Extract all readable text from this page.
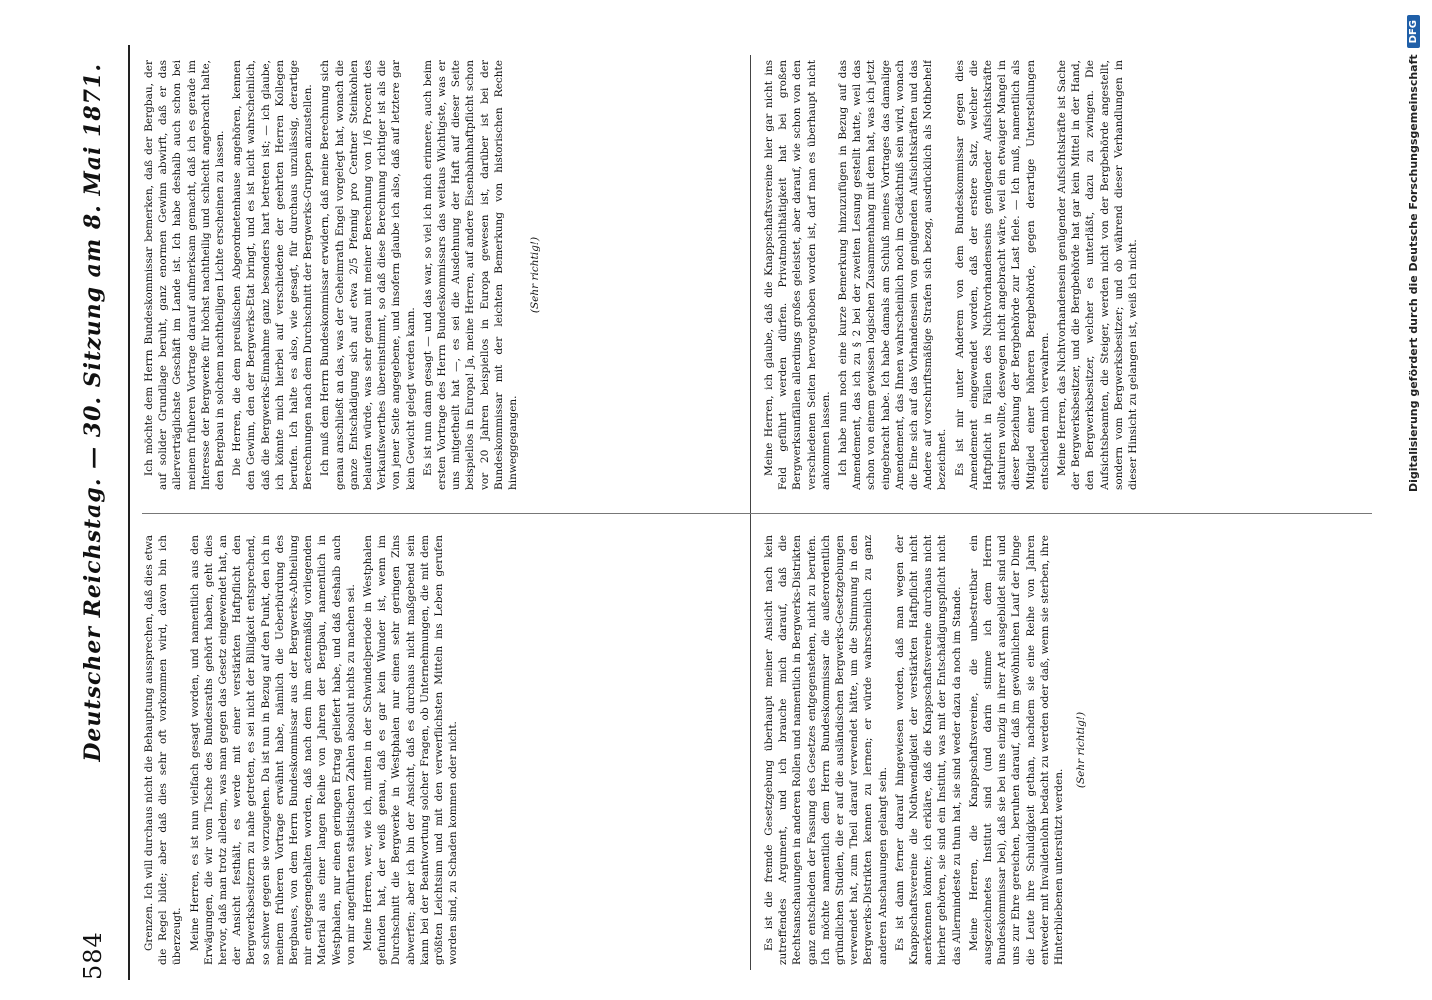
584
Deutscher Reichstag. — 30. Sitzung am 8. Mai 1871.	Grenzen. Ich will durchaus nicht die Behauptung aussprechen, daß dies etwa die Regel bilde; aber daß dies sehr oft vorkommen wird, davon bin ich überzeugt. Meine Herren, es ist nun vielfach gesagt worden, und namentlich aus den Erwägungen, die wir vom Tische des Bundesraths gehört haben, geht dies hervor, daß man trotz alledem, was man gegen das Gesetz eingewendet hat, an der Ansicht festhält, es werde mit einer verstärkten Haftpflicht den Bergwerksbesitzern zu nahe getreten, es sei nicht der Billigkeit entsprechend, so schwer gegen sie vorzugehen. Da ist nun in Bezug auf den Punkt, den ich in meinem früheren Vortrage erwähnt habe, nämlich die Ueberbürdung des Bergbaues, von dem Herrn Bundeskommissar aus der Bergwerks-Abtheilung mir entgegengehalten worden, daß nach dem ihm actenmäßig vorliegenden Material aus einer langen Reihe von Jahren der Bergbau, namentlich in Westphalen, nur einen geringen Ertrag geliefert habe, und daß deshalb auch von mir angeführten statistischen Zahlen absolut nichts zu machen sei. Meine Herren, wer, wie ich, mitten in der Schwindelperiode in Westphalen gefunden hat, der weiß genau, daß es gar kein Wunder ist, wenn im Durchschnitt die Bergwerke in Westphalen nur einen sehr geringen Zins abwerfen; aber ich bin der Ansicht, daß es durchaus nicht maßgebend sein kann bei der Beantwortung solcher Fragen, ob Unternehmungen, die mit dem größten Leichtsinn und mit den verwerflichsten Mitteln ins Leben gerufen worden sind, zu Schaden kommen oder nicht.

Ich möchte dem Herrn Bundeskommissar bemerken, daß der Bergbau, der auf solider Grundlage beruht, ganz enormen Gewinn abwirft, daß er das allerverträglichste Geschäft im Lande ist. Ich habe deshalb auch schon bei meinem früheren Vortrage darauf aufmerksam gemacht, daß ich es gerade im Interesse der Bergwerke für höchst nachtheilig und schlecht angebracht halte, den Bergbau in solchem nachtheiligen Lichte erscheinen zu lassen. Die Herren, die dem preußischen Abgeordnetenhause angehören, kennen den Gewinn, den der Bergwerks-Etat bringt, und es ist nicht wahrscheinlich, daß die Bergwerks-Einnahme ganz besonders hart betreten ist; — ich glaube, ich könnte mich hierbei auf verschiedene der geehrten Herren Kollegen berufen. Ich halte es also, wie gesagt, für durchaus unzulässig, derartige Berechnungen nach dem Durchschnitt der Bergwerks-Gruppen anzustellen. Ich muß dem Herrn Bundeskommissar erwidern, daß meine Berechnung sich genau anschließt an das, was der Geheimrath Engel vorgelegt hat, wonach die ganze Entschädigung sich auf etwa 2/5 Pfennig pro Centner Steinkohlen belaufen würde, was sehr genau mit meiner Berechnung von 1/6 Procent des Verkaufswerthes übereinstimmt, so daß diese Berechnung richtiger ist als die von jener Seite angegebene, und insofern glaube ich also, daß auf letztere gar kein Gewicht gelegt werden kann. Es ist nun dann gesagt — und das war, so viel ich mich erinnere, auch beim ersten Vortrage des Herrn Bundeskommissars das weitaus Wichtigste, was er uns mitgetheilt hat —, es sei die Ausdehnung der Haft auf dieser Seite beispiellos in Europa! Ja, meine Herren, auf andere Eisenbahnhaftpflicht schon vor 20 Jahren beispiellos in Europa gewesen ist, darüber ist bei der Bundeskommissar mit der leichten Bemerkung von historischen Rechte hinweggegangen.

(Sehr richtig!)

Es ist die fremde Gesetzgebung überhaupt meiner Ansicht nach kein zutreffendes Argument, und ich brauche mich darauf, daß die Rechtsanschauungen in anderen Rollen und namentlich in Bergwerks-Distrikten ganz entschieden der Fassung des Gesetzes entgegenstehen, nicht zu berufen. Ich möchte namentlich dem Herrn Bundeskommissar die außerordentlich gründlichen Studien, die er auf die ausländischen Bergwerks-Gesetzgebungen verwendet hat, zum Theil darauf verwendet hätte, um die Stimmung in den Bergwerks-Distrikten kennen zu lernen; er würde wahrscheinlich zu ganz anderen Anschauungen gelangt sein. Es ist dann ferner darauf hingewiesen worden, daß man wegen der Knappschaftsvereine die Nothwendigkeit der verstärkten Haftpflicht nicht anerkennen könnte; ich erkläre, daß die Knappschaftsvereine durchaus nicht hierher gehören, sie sind ein Institut, was mit der Entschädigungspflicht nicht das Allermindeste zu thun hat, sie sind weder dazu da noch im Stande. Meine Herren, die Knappschaftsvereine, die unbestreitbar ein ausgezeichnetes Institut sind (und darin stimme ich dem Herrn Bundeskommissar bei), daß sie bei uns einzig in ihrer Art ausgebildet sind und uns zur Ehre gereichen, beruhen darauf, daß im gewöhnlichen Lauf der Dinge die Leute ihre Schuldigkeit gethan, nachdem sie eine Reihe von Jahren entweder mit Invalidenlohn bedacht zu werden oder daß, wenn sie sterben, ihre Hinterbliebenen unterstützt werden.

(Sehr richtig!)

Meine Herren, ich glaube, daß die Knappschaftsvereine hier gar nicht ins Feld geführt werden dürfen. Privatmohlthätigkeit hat bei großen Bergwerksunfällen allerdings großes geleistet, aber darauf, wie schon von den verschiedenen Seiten hervorgehoben worden ist, darf man es überhaupt nicht ankommen lassen. Ich habe nun noch eine kurze Bemerkung hinzuzufügen in Bezug auf das Amendement, das ich zu § 2 bei der zweiten Lesung gestellt hatte, weil das schon von einem gewissen logischen Zusammenhang mit dem hat, was ich jetzt eingebracht habe. Ich habe damals am Schluß meines Vortrages das damalige Amendement, das Ihnen wahrscheinlich noch im Gedächtniß sein wird, wonach die Eine sich auf das Vorhandensein von genügenden Aufsichtskräften und das Andere auf vorschriftsmäßige Strafen sich bezog, ausdrücklich als Nothbehelf bezeichnet. Es ist mir unter Anderem von dem Bundeskommissar gegen dies Amendement eingewendet worden, daß der erstere Satz, welcher die Haftpflicht in Fällen des Nichtvorhandenseins genügender Aufsichtskräfte statuiren wollte, deswegen nicht angebracht wäre, weil ein etwaiger Mangel in dieser Beziehung der Bergbehörde zur Last fiele. — Ich muß, namentlich als Mitglied einer höheren Bergbehörde, gegen derartige Unterstellungen entschieden mich verwahren. Meine Herren, das Nichtvorhandensein genügender Aufsichtskräfte ist Sache der Bergwerksbesitzer, und die Bergbehörde hat gar kein Mittel in der Hand, den Bergwerksbesitzer, welcher es unterläßt, dazu zu zwingen. Die Aufsichtsbeamten, die Steiger, werden nicht von der Bergbehörde angestellt, sondern vom Bergwerksbesitzer; und ob während dieser Verhandlungen in dieser Hinsicht zu gelangen ist, weiß ich nicht.	Digitalisierung gefördert durch die Deutsche Forschungsgemeinschaft
DFG
